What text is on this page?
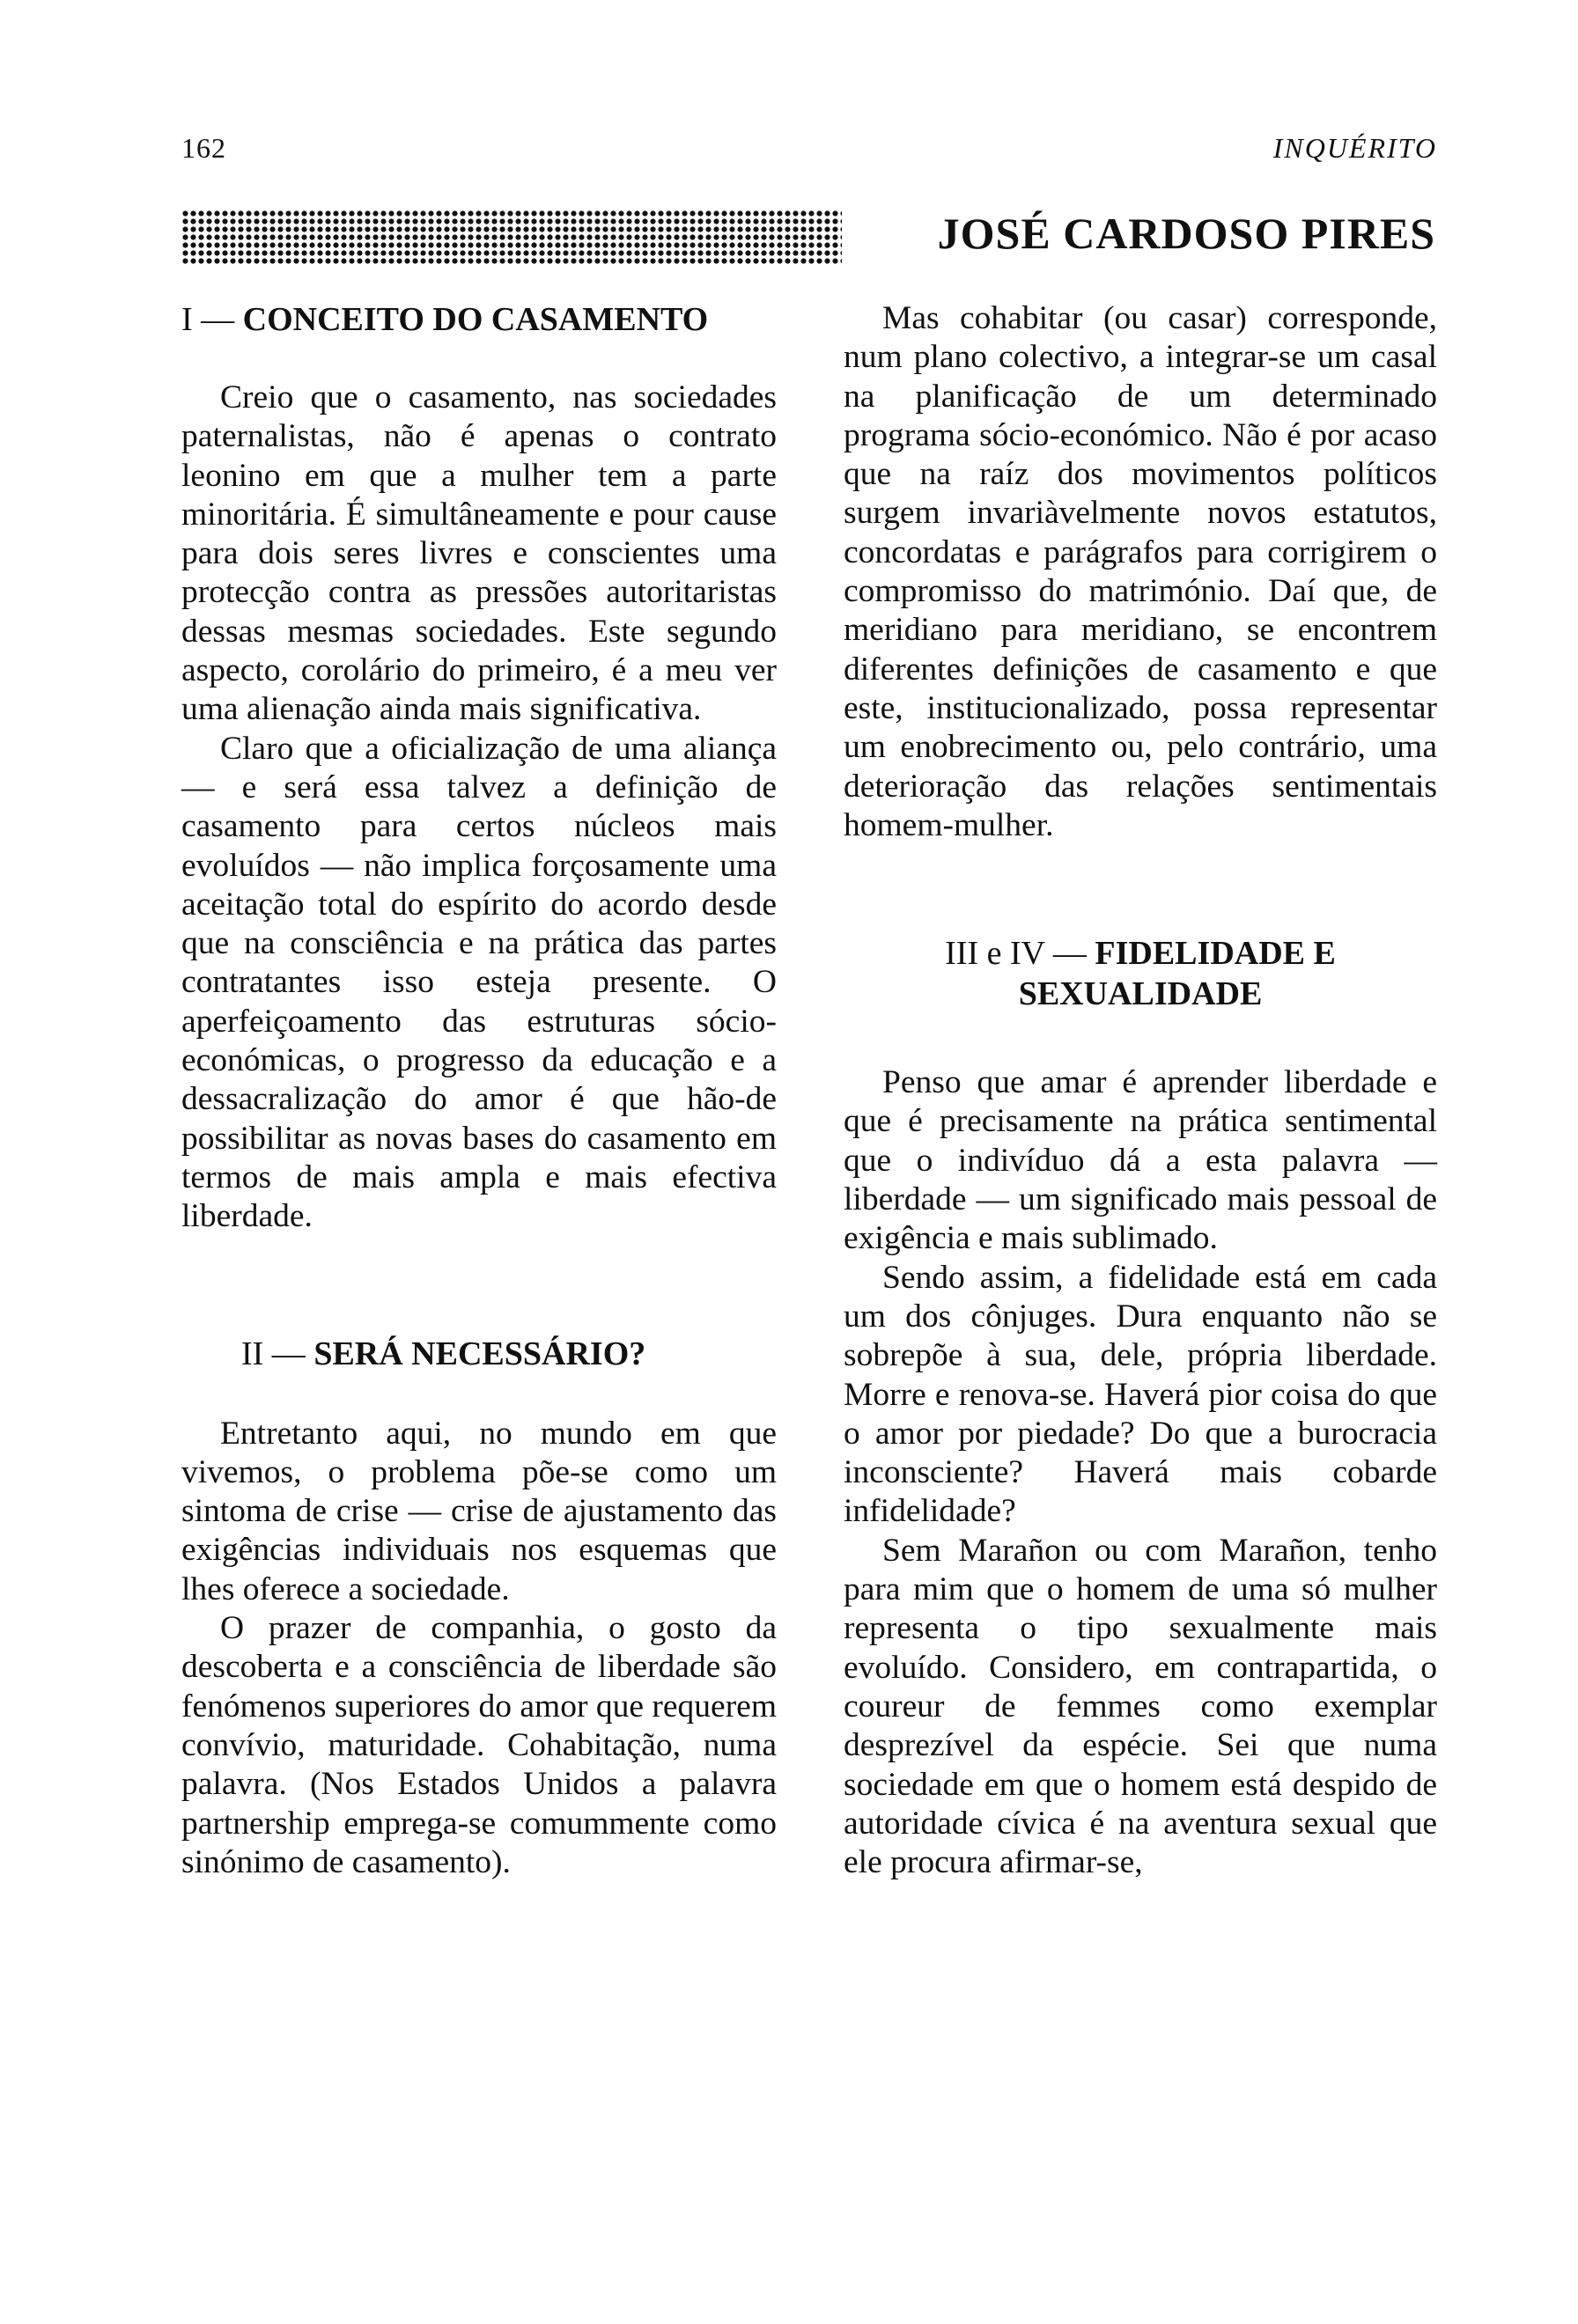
162	INQUÉRITO
JOSÉ CARDOSO PIRES
I — CONCEITO DO CASAMENTO

Creio que o casamento, nas sociedades paternalistas, não é apenas o contrato leonino em que a mulher tem a parte minoritária. É simultâneamente e pour cause para dois seres livres e conscientes uma protecção contra as pressões autoritaristas dessas mesmas sociedades. Este segundo aspecto, corolário do primeiro, é a meu ver uma alienação ainda mais significativa.

Claro que a oficialização de uma aliança — e será essa talvez a definição de casamento para certos núcleos mais evoluídos — não implica forçosamente uma aceitação total do espírito do acordo desde que na consciência e na prática das partes contratantes isso esteja presente. O aperfeiçoamento das estruturas sócio-económicas, o progresso da educação e a dessacralização do amor é que hão-de possibilitar as novas bases do casamento em termos de mais ampla e mais efectiva liberdade.

II — SERÁ NECESSÁRIO?

Entretanto aqui, no mundo em que vivemos, o problema põe-se como um sintoma de crise — crise de ajustamento das exigências individuais nos esquemas que lhes oferece a sociedade.

O prazer de companhia, o gosto da descoberta e a consciência de liberdade são fenómenos superiores do amor que requerem convívio, maturidade. Cohabitação, numa palavra. (Nos Estados Unidos a palavra partnership emprega-se comummente como sinónimo de casamento).

Mas cohabitar (ou casar) corresponde, num plano colectivo, a integrar-se um casal na planificação de um determinado programa sócio-económico. Não é por acaso que na raíz dos movimentos políticos surgem invariàvelmente novos estatutos, concordatas e parágrafos para corrigirem o compromisso do matrimónio. Daí que, de meridiano para meridiano, se encontrem diferentes definições de casamento e que este, institucionalizado, possa representar um enobrecimento ou, pelo contrário, uma deterioração das relações sentimentais homem-mulher.

III e IV — FIDELIDADE E SEXUALIDADE

Penso que amar é aprender liberdade e que é precisamente na prática sentimental que o indivíduo dá a esta palavra — liberdade — um significado mais pessoal de exigência e mais sublimado.

Sendo assim, a fidelidade está em cada um dos cônjuges. Dura enquanto não se sobrepõe à sua, dele, própria liberdade. Morre e renova-se. Haverá pior coisa do que o amor por piedade? Do que a burocracia inconsciente? Haverá mais cobarde infidelidade?

Sem Marañon ou com Marañon, tenho para mim que o homem de uma só mulher representa o tipo sexualmente mais evoluído. Considero, em contrapartida, o coureur de femmes como exemplar desprezível da espécie. Sei que numa sociedade em que o homem está despido de autoridade cívica é na aventura sexual que ele procura afirmar-se,
